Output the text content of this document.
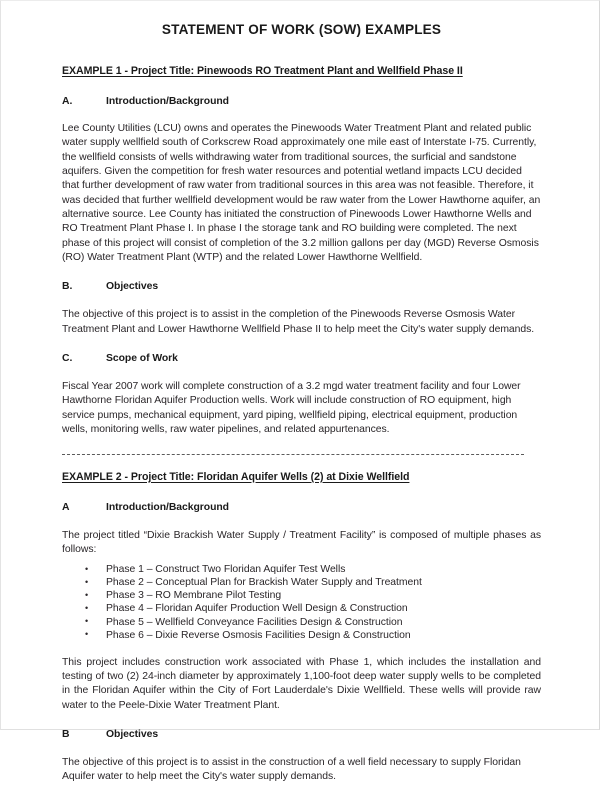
STATEMENT OF WORK (SOW) EXAMPLES
EXAMPLE 1 - Project Title: Pinewoods RO Treatment Plant and Wellfield Phase II
A.	Introduction/Background

Lee County Utilities (LCU) owns and operates the Pinewoods Water Treatment Plant and related public water supply wellfield south of Corkscrew Road approximately one mile east of Interstate I-75. Currently, the wellfield consists of wells withdrawing water from traditional sources, the surficial and sandstone aquifers. Given the competition for fresh water resources and potential wetland impacts LCU decided that further development of raw water from traditional sources in this area was not feasible. Therefore, it was decided that further wellfield development would be raw water from the Lower Hawthorne aquifer, an alternative source. Lee County has initiated the construction of Pinewoods Lower Hawthorne Wells and RO Treatment Plant Phase I. In phase I the storage tank and RO building were completed. The next phase of this project will consist of completion of the 3.2 million gallons per day (MGD) Reverse Osmosis (RO) Water Treatment Plant (WTP) and the related Lower Hawthorne Wellfield.

B.	Objectives

The objective of this project is to assist in the completion of the Pinewoods Reverse Osmosis Water Treatment Plant and Lower Hawthorne Wellfield Phase II to help meet the City's water supply demands.

C.	Scope of Work

Fiscal Year 2007 work will complete construction of a 3.2 mgd water treatment facility and four Lower Hawthorne Floridan Aquifer Production wells. Work will include construction of RO equipment, high service pumps, mechanical equipment, yard piping, wellfield piping, electrical equipment, production wells, monitoring wells, raw water pipelines, and related appurtenances.

EXAMPLE 2 - Project Title: Floridan Aquifer Wells (2) at Dixie Wellfield
A	Introduction/Background

The project titled “Dixie Brackish Water Supply / Treatment Facility” is composed of multiple phases as follows:

• Phase 1 – Construct Two Floridan Aquifer Test Wells
• Phase 2 – Conceptual Plan for Brackish Water Supply and Treatment
• Phase 3 – RO Membrane Pilot Testing
• Phase 4 – Floridan Aquifer Production Well Design & Construction
• Phase 5 – Wellfield Conveyance Facilities Design & Construction
• Phase 6 – Dixie Reverse Osmosis Facilities Design & Construction

This project includes construction work associated with Phase 1, which includes the installation and testing of two (2) 24-inch diameter by approximately 1,100-foot deep water supply wells to be completed in the Floridan Aquifer within the City of Fort Lauderdale's Dixie Wellfield. These wells will provide raw water to the Peele-Dixie Water Treatment Plant.

B	Objectives

The objective of this project is to assist in the construction of a well field necessary to supply Floridan Aquifer water to help meet the City's water supply demands.
